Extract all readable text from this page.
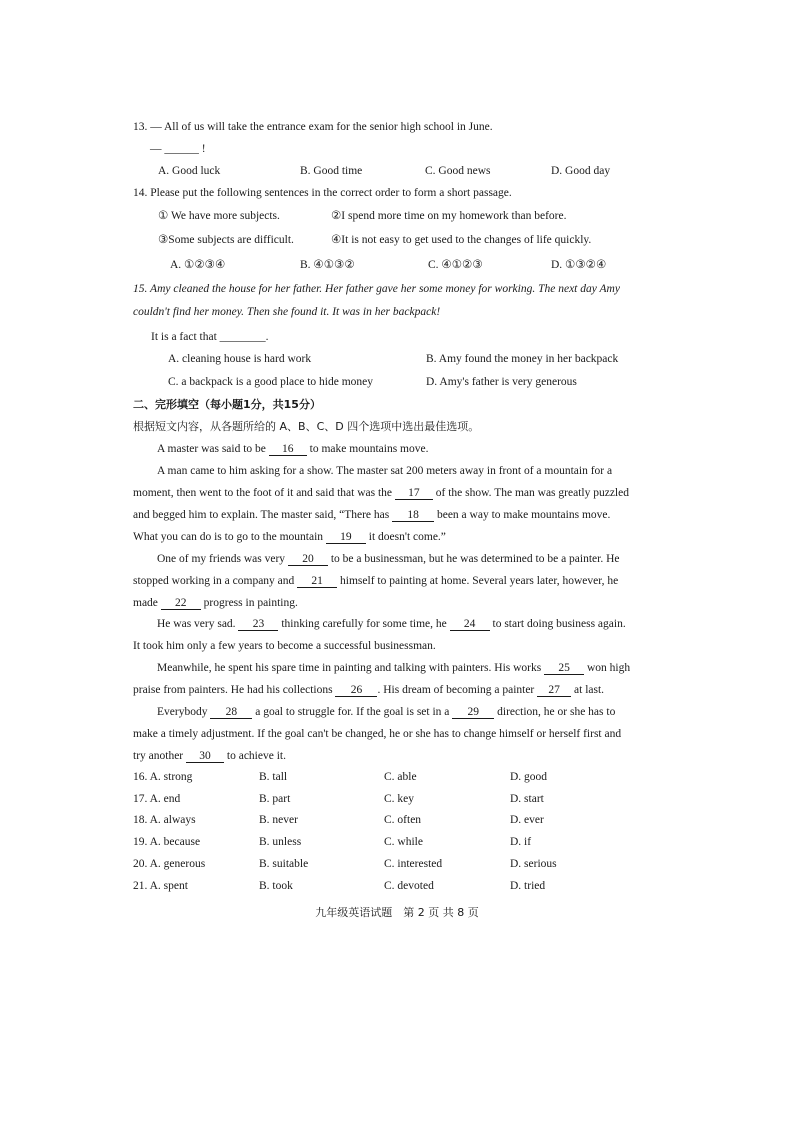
13. — All of us will take the entrance exam for the senior high school in June.
— ______ !
A. Good luck	B. Good time	C. Good news	D. Good day
14. Please put the following sentences in the correct order to form a short passage.
① We have more subjects.	②I spend more time on my homework than before.
③Some subjects are difficult.	④It is not easy to get used to the changes of life quickly.
A. ①②③④	B. ④①③②	C. ④①②③	D. ①③②④
15. Amy cleaned the house for her father. Her father gave her some money for working. The next day Amy
couldn't find her money. Then she found it. It was in her backpack!
It is a fact that ________.
A. cleaning house is hard work	B. Amy found the money in her backpack
C. a backpack is a good place to hide money	D. Amy's father is very generous
二、完形填空（每小题1分，共15分）
根据短文内容，从各题所给的 A、B、C、D 四个选项中选出最佳选项。
A master was said to be 16 to make mountains move.
A man came to him asking for a show. The master sat 200 meters away in front of a mountain for a
moment, then went to the foot of it and said that was the 17 of the show. The man was greatly puzzled
and begged him to explain. The master said, “There has 18 been a way to make mountains move.
What you can do is to go to the mountain 19 it doesn't come.”
One of my friends was very 20 to be a businessman, but he was determined to be a painter. He
stopped working in a company and 21 himself to painting at home. Several years later, however, he
made 22 progress in painting.
He was very sad. 23 thinking carefully for some time, he 24 to start doing business again.
It took him only a few years to become a successful businessman.
Meanwhile, he spent his spare time in painting and talking with painters. His works 25 won high
praise from painters. He had his collections 26 . His dream of becoming a painter 27 at last.
Everybody 28 a goal to struggle for. If the goal is set in a 29 direction, he or she has to
make a timely adjustment. If the goal can't be changed, he or she has to change himself or herself first and
try another 30 to achieve it.
16. A. strong	B. tall	C. able	D. good
17. A. end	B. part	C. key	D. start
18. A. always	B. never	C. often	D. ever
19. A. because	B. unless	C. while	D. if
20. A. generous	B. suitable	C. interested	D. serious
21. A. spent	B. took	C. devoted	D. tried
九年级英语试题　第 2 页 共 8 页
